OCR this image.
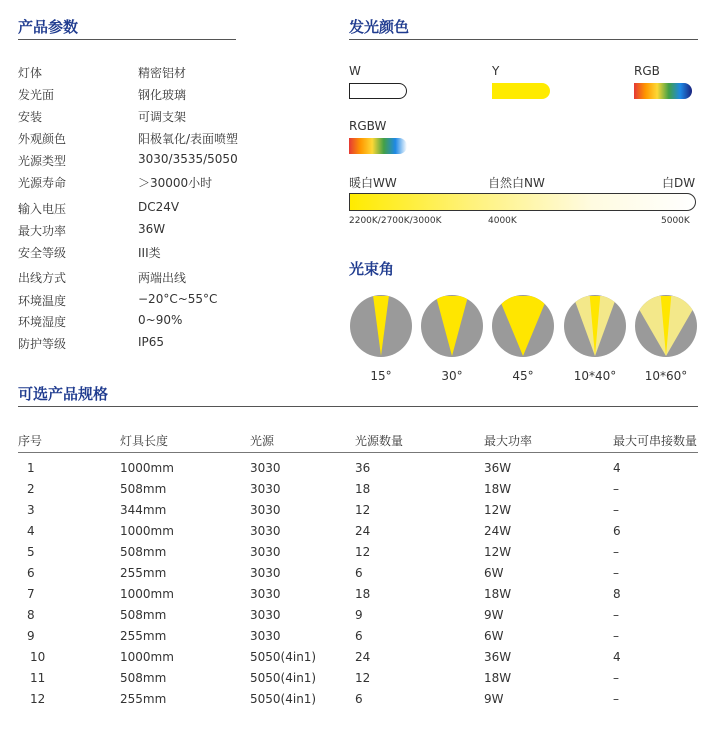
产品参数	发光颜色
光束角
可选产品规格
灯体	精密铝材
发光面	钢化玻璃
安装	可调支架
外观颜色	阳极氧化/表面喷塑
光源类型	3030/3535/5050
光源寿命	＞30000小时
输入电压	DC24V
最大功率	36W
安全等级	III类
出线方式	两端出线
环境温度	−20°C~55°C
环境湿度	0~90%
防护等级	IP65
W	Y	RGB
RGBW
暖白WW	自然白NW	白DW
2200K/2700K/3000K	4000K	5000K
15°	30°	45°	10*40°	10*60°
序号	灯具长度	光源	光源数量	最大功率	最大可串接数量
1	1000mm	3030	36	36W	4
2	508mm	3030	18	18W	–
3	344mm	3030	12	12W	–
4	1000mm	3030	24	24W	6
5	508mm	3030	12	12W	–
6	255mm	3030	6	6W	–
7	1000mm	3030	18	18W	8
8	508mm	3030	9	9W	–
9	255mm	3030	6	6W	–
10	1000mm	5050(4in1)	24	36W	4
11	508mm	5050(4in1)	12	18W	–
12	255mm	5050(4in1)	6	9W	–
